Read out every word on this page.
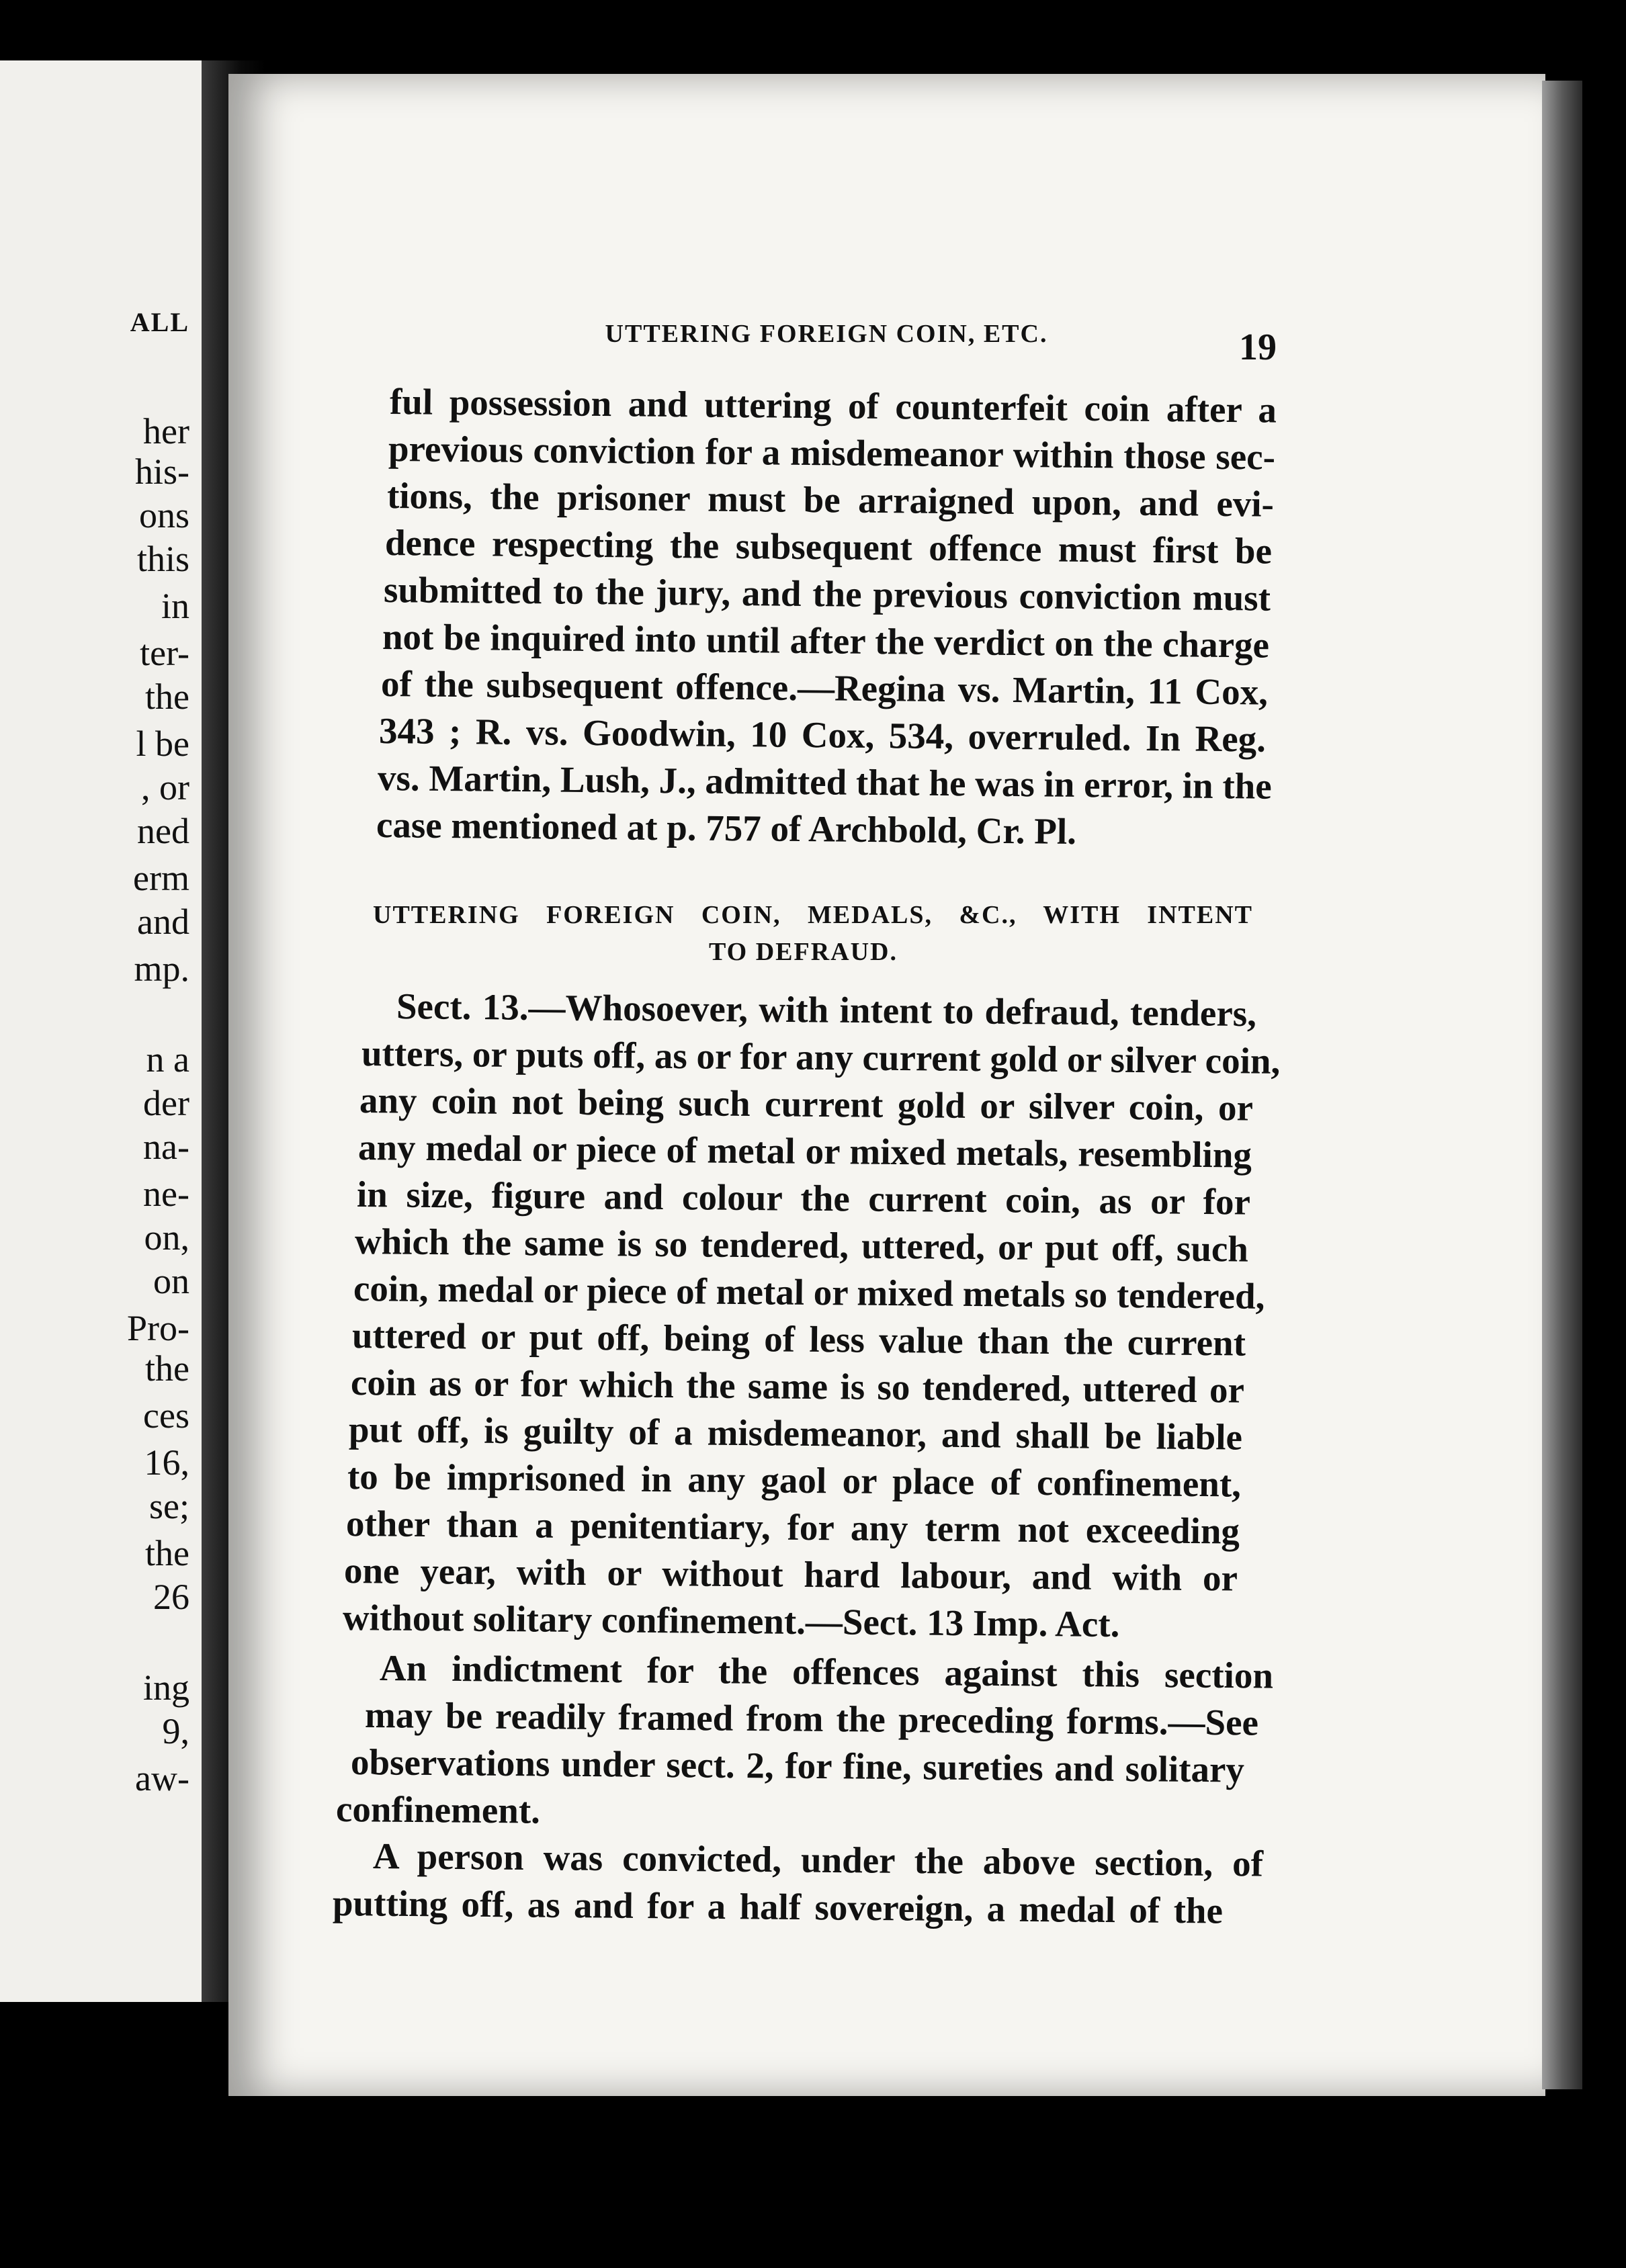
ALL
her
his-
ons
this
in
ter-
the
l be
, or
ned
erm
and
mp.
n a
der
na-
ne-
on,
on
Pro-
the
ces
16,
se;
the
26
ing
9,
aw-
UTTERING FOREIGN COIN, ETC.	19
ful possession and uttering of counterfeit coin after a
previous conviction for a misdemeanor within those sec-
tions, the prisoner must be arraigned upon, and evi-
dence respecting the subsequent offence must first be
submitted to the jury, and the previous conviction must
not be inquired into until after the verdict on the charge
of the subsequent offence.—Regina vs. Martin, 11 Cox,
343 ; R. vs. Goodwin, 10 Cox, 534, overruled. In Reg.
vs. Martin, Lush, J., admitted that he was in error, in the
case mentioned at p. 757 of Archbold, Cr. Pl.
UTTERING FOREIGN COIN, MEDALS, &C., WITH INTENT
TO DEFRAUD.
Sect. 13.—Whosoever, with intent to defraud, tenders,
utters, or puts off, as or for any current gold or silver coin,
any coin not being such current gold or silver coin, or
any medal or piece of metal or mixed metals, resembling
in size, figure and colour the current coin, as or for
which the same is so tendered, uttered, or put off, such
coin, medal or piece of metal or mixed metals so tendered,
uttered or put off, being of less value than the current
coin as or for which the same is so tendered, uttered or
put off, is guilty of a misdemeanor, and shall be liable
to be imprisoned in any gaol or place of confinement,
other than a penitentiary, for any term not exceeding
one year, with or without hard labour, and with or
without solitary confinement.—Sect. 13 Imp. Act.
An indictment for the offences against this section
may be readily framed from the preceding forms.—See
observations under sect. 2, for fine, sureties and solitary
confinement.
A person was convicted, under the above section, of
putting off, as and for a half sovereign, a medal of the
